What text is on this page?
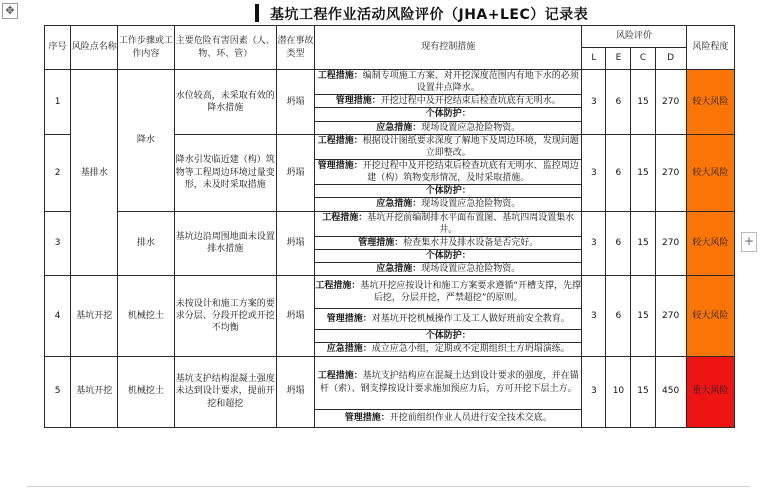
✥	基坑工程作业活动风险评价（JHA+LEC）记录表
+
序号	风险点名称	工作步骤或工作内容	主要危险有害因素（人、物、环、管）	潜在事故类型	现有控制措施	风险评价				风险程度
						L	E	C	D	
1	基排水	降水	水位较高，未采取有效的降水措施	坍塌	工程措施：编制专项施工方案、对开挖深度范围内有地下水的必须设置井点降水。	3	6	15	270	较大风险
					管理措施：开挖过程中及开挖结束后检查坑底有无明水。					
					个体防护：					
					应急措施：现场设置应急抢险物资。					
2			降水引发临近建（构）筑物等工程周边环境过量变形，未及时采取措施	坍塌	工程措施：根据设计图纸要求深度了解地下及周边环境，发现问题立即整改。	3	6	15	270	较大风险
					管理措施：开挖过程中及开挖结束后检查坑底有无明水、监控周边建（构）筑物变形情况，及时采取措施。					
					个体防护：					
					应急措施：现场设置应急抢险物资。					
3		排水	基坑边沿周围地面未设置排水措施	坍塌	工程措施：基坑开挖前编制排水平面布置图、基坑四周设置集水井。	3	6	15	270	较大风险
					管理措施：检查集水井及排水设备是否完好。					
					个体防护：					
					应急措施：现场设置应急抢险物资。					
4	基坑开挖	机械挖土	未按设计和施工方案的要求分层、分段开挖或开挖不均衡	坍塌	工程措施：基坑开挖应按设计和施工方案要求遵循“开槽支撑，先撑后挖，分层开挖，严禁超挖”的原则。	3	6	15	270	较大风险
					管理措施：对基坑开挖机械操作工及工人做好班前安全教育。					
					个体防护：					
					应急措施：成立应急小组，定期或不定期组织土方坍塌演练。					
5	基坑开挖	机械挖土	基坑支护结构混凝土强度未达到设计要求，提前开挖和超挖	坍塌	工程措施：基坑支护结构应在混凝土达到设计要求的强度，并在锚杆（索）、钢支撑按设计要求施加预应力后，方可开挖下层土方。	3	10	15	450	重大风险
					管理措施：开挖前组织作业人员进行安全技术交底。					
